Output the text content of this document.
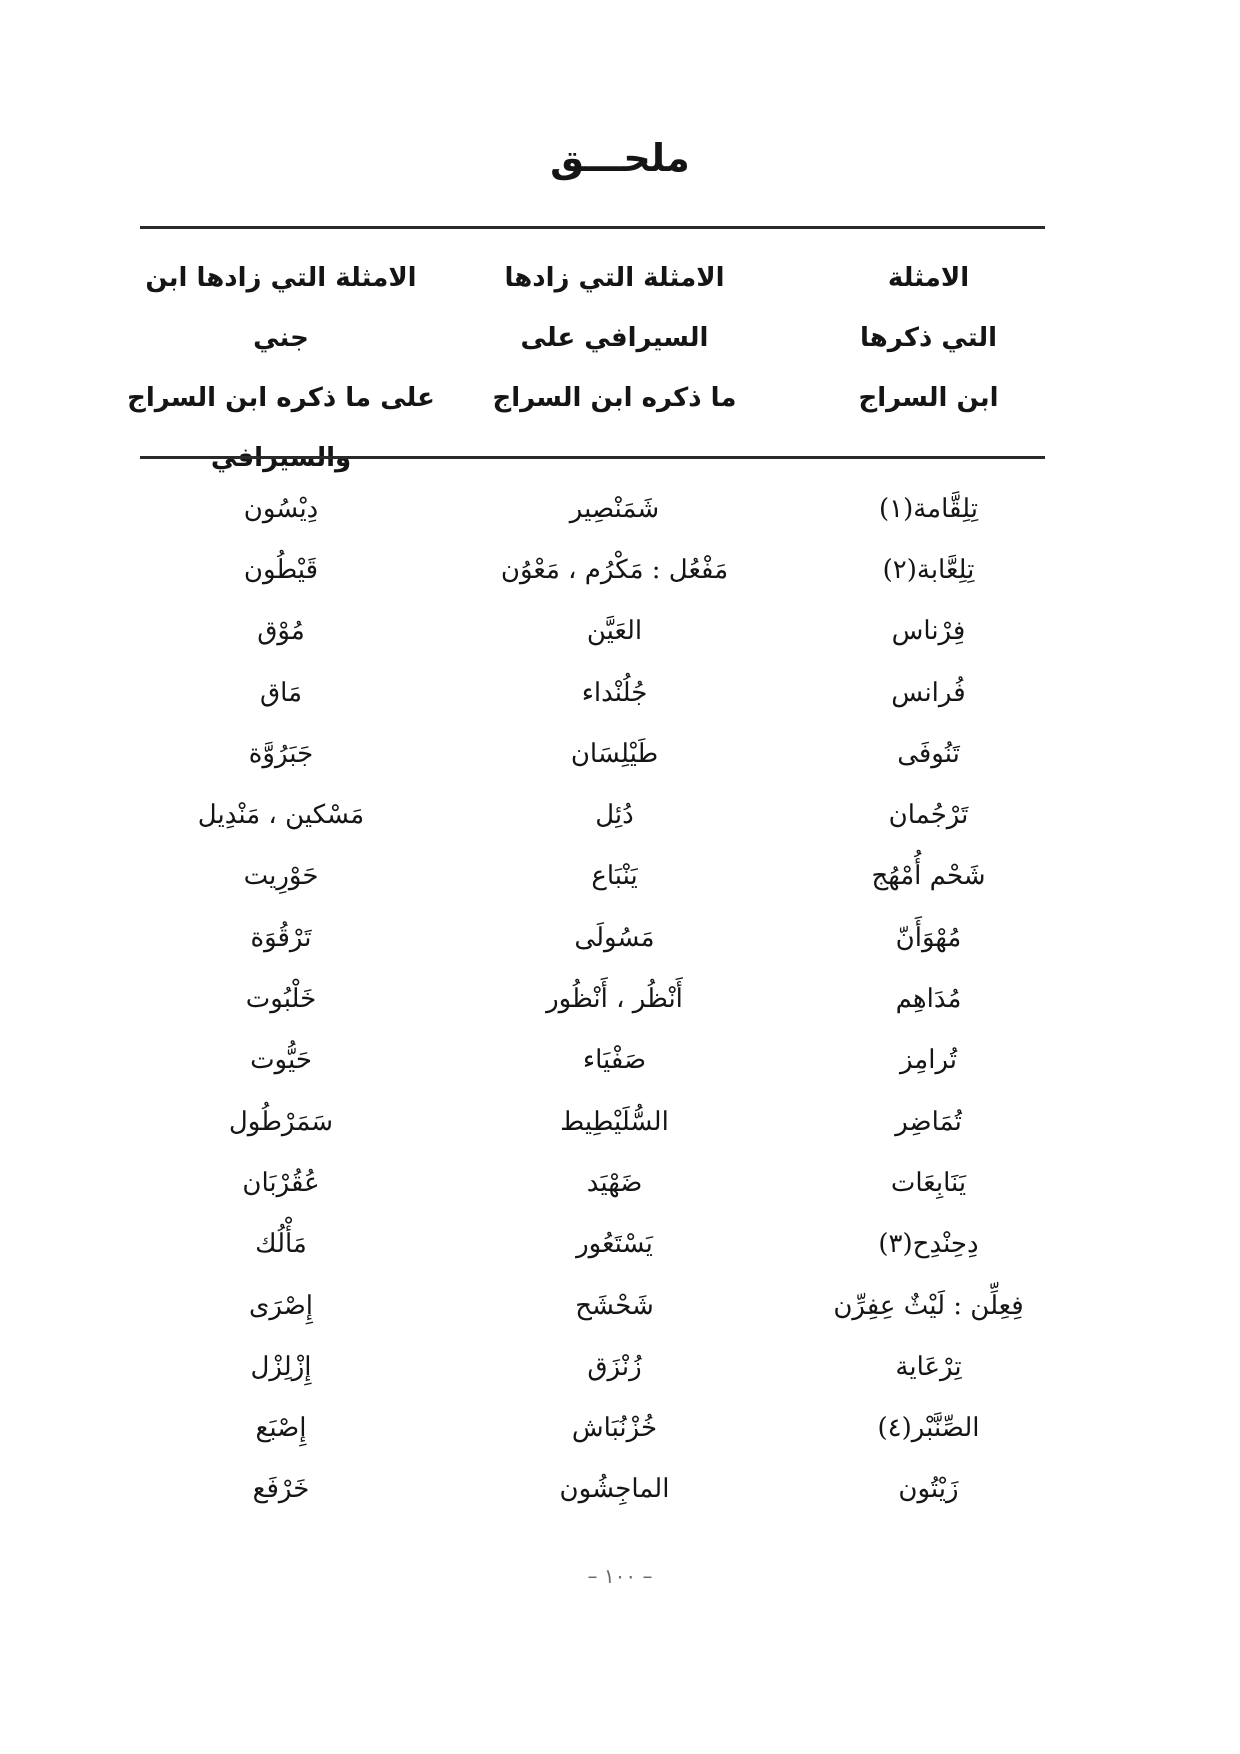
ملحـــق
الامثلة
التي ذكرها
ابن السراج
الامثلة التي زادها
السيرافي على
ما ذكره ابن السراج
الامثلة التي زادها ابن جني
على ما ذكره ابن السراج
والسيرافي
تِلِقَّامة(١)
شَمَنْصِير
دِيْسُون
تِلِعَّابة(٢)
مَفْعُل : مَكْرُم ، مَعْوُن
قَيْطُون
فِرْناس
العَيَّن
مُوْق
فُرانس
جُلُنْداء
مَاق
تَنُوفَى
طَيْلِسَان
جَبَرُوَّة
تَرْجُمان
دُئِل
مَسْكين ، مَنْدِيل
شَحْم أُمْهُج
يَنْبَاع
حَوْرِيت
مُهْوَأَنّ
مَسُولَى
تَرْقُوَة
مُدَاهِم
أَنْظُر ، أَنْظُور
خَلْبُوت
تُرامِز
صَفْيَاء
حَيُّوت
تُمَاضِر
السُّلَيْطِيط
سَمَرْطُول
يَنَابِعَات
ضَهْيَد
عُقُرْبَان
دِحِنْدِح(٣)
يَسْتَعُور
مَأْلُك
فِعِلِّن : لَيْثٌ عِفِرِّن
شَحْشَح
إِصْرَى
تِرْعَاية
زُنْزَق
إِزْلِزْل
الصِّنَّبْر(٤)
خُزْنُبَاش
إِصْبَع
زَيْتُون
الماجِشُون
خَرْفَع
– ١٠٠ –
